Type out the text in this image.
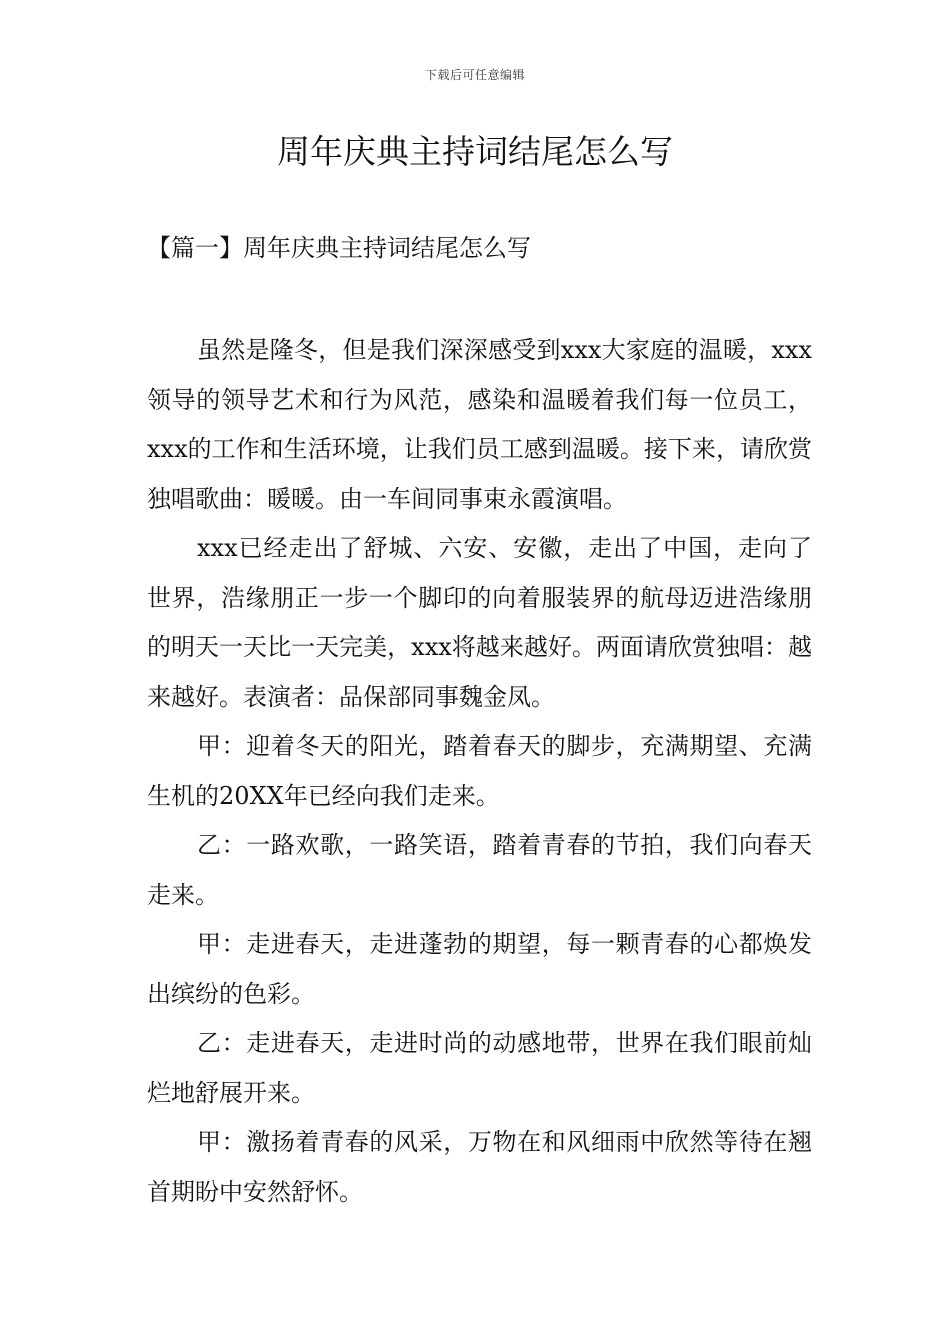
下载后可任意编辑
周年庆典主持词结尾怎么写
【篇一】周年庆典主持词结尾怎么写

虽然是隆冬，但是我们深深感受到xxx大家庭的温暖，xxx领导的领导艺术和行为风范，感染和温暖着我们每一位员工，xxx的工作和生活环境，让我们员工感到温暖。接下来，请欣赏独唱歌曲：暖暖。由一车间同事束永霞演唱。

xxx已经走出了舒城、六安、安徽，走出了中国，走向了世界，浩缘朋正一步一个脚印的向着服装界的航母迈进浩缘朋的明天一天比一天完美，xxx将越来越好。两面请欣赏独唱：越来越好。表演者：品保部同事魏金凤。

甲：迎着冬天的阳光，踏着春天的脚步，充满期望、充满生机的20XX年已经向我们走来。

乙：一路欢歌，一路笑语，踏着青春的节拍，我们向春天走来。

甲：走进春天，走进蓬勃的期望，每一颗青春的心都焕发出缤纷的色彩。

乙：走进春天，走进时尚的动感地带，世界在我们眼前灿烂地舒展开来。

甲：激扬着青春的风采，万物在和风细雨中欣然等待在翘首期盼中安然舒怀。
